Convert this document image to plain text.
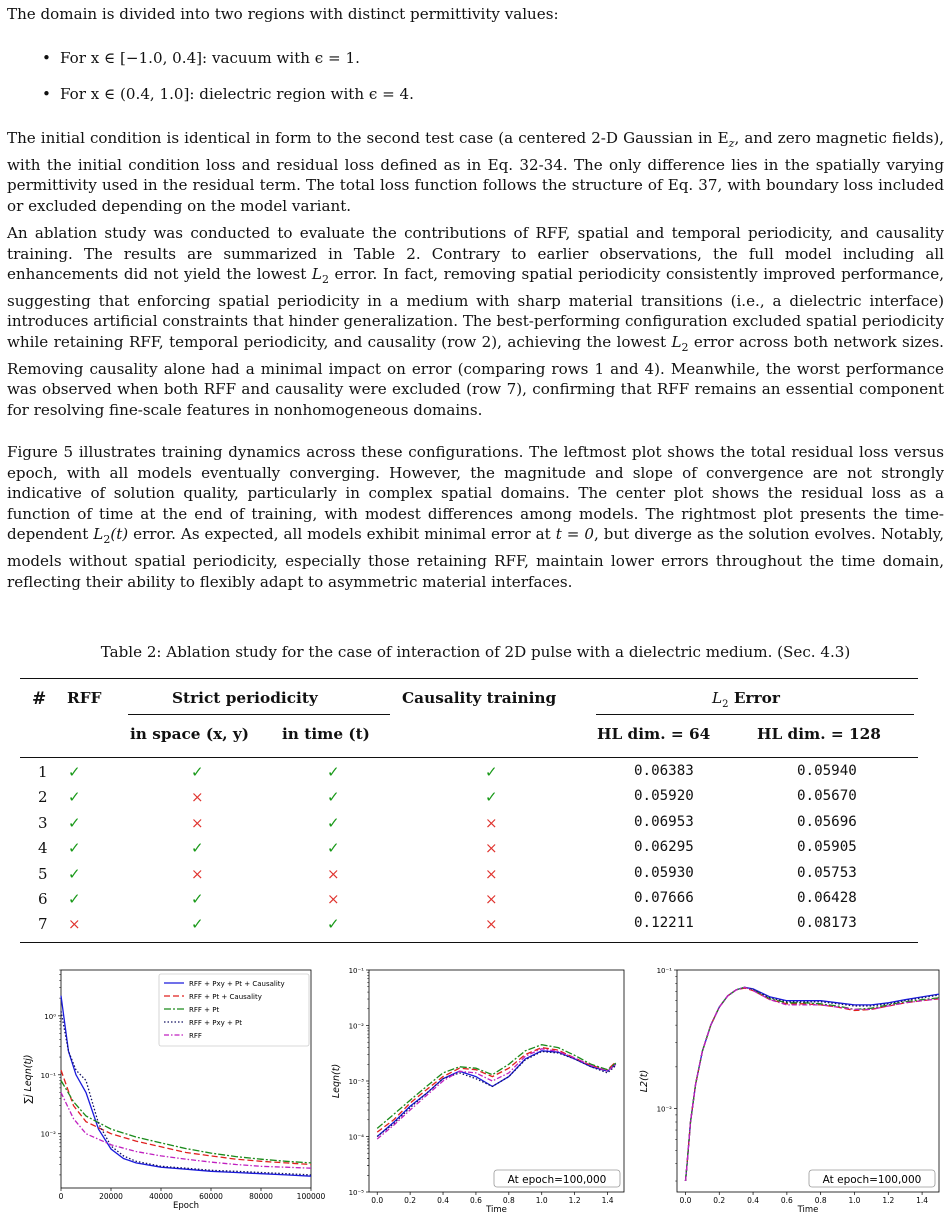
The domain is divided into two regions with distinct permittivity values:

• For x ∈ [−1.0, 0.4]: vacuum with ϵ = 1.
• For x ∈ (0.4, 1.0]: dielectric region with ϵ = 4.

The initial condition is identical in form to the second test case (a centered 2-D Gaussian in $E_z$, and zero magnetic fields), with the initial condition loss and residual loss defined as in Eq. 32-34. The only difference lies in the spatially varying permittivity used in the residual term. The total loss function follows the structure of Eq. 37, with boundary loss included or excluded depending on the model variant.

An ablation study was conducted to evaluate the contributions of RFF, spatial and temporal periodicity, and causality training. The results are summarized in Table 2. Contrary to earlier observations, the full model including all enhancements did not yield the lowest $L_2$ error. In fact, removing spatial periodicity consistently improved performance, suggesting that enforcing spatial periodicity in a medium with sharp material transitions (i.e., a dielectric interface) introduces artificial constraints that hinder generalization. The best-performing configuration excluded spatial periodicity while retaining RFF, temporal periodicity, and causality (row 2), achieving the lowest $L_2$ error across both network sizes. Removing causality alone had a minimal impact on error (comparing rows 1 and 4). Meanwhile, the worst performance was observed when both RFF and causality were excluded (row 7), confirming that RFF remains an essential component for resolving fine-scale features in nonhomogeneous domains.

Figure 5 illustrates training dynamics across these configurations. The leftmost plot shows the total residual loss versus epoch, with all models eventually converging. However, the magnitude and slope of convergence are not strongly indicative of solution quality, particularly in complex spatial domains. The center plot shows the residual loss as a function of time at the end of training, with modest differences among models. The rightmost plot presents the time-dependent $L_2(t)$ error. As expected, all models exhibit minimal error at t = 0, but diverge as the solution evolves. Notably, models without spatial periodicity, especially those retaining RFF, maintain lower errors throughout the time domain, reflecting their ability to flexibly adapt to asymmetric material interfaces.

Table 2: Ablation study for the case of interaction of 2D pulse with a dielectric medium. (Sec. 4.3)
# RFF	Strict periodicity	Causality training	$L_2$ Error
in space (x, y) in time (t)	HL dim. = 64	HL dim. = 128
1 ✓	✓	✓	✓	0.06383	0.05940
2 ✓	×	✓	✓	0.05920	0.05670
3 ✓	×	✓	×	0.06953	0.05696
4 ✓	✓	✓	×	0.06295	0.05905
5 ✓	×	×	×	0.05930	0.05753
6 ✓	✓	×	×	0.07666	0.06428
7 ×	✓	✓	×	0.12211	0.08173
0	20000	40000	60000	80000	100000
Epoch
10⁰
10⁻¹
10⁻²
∑j Leqn(tj)
RFF + Pxy + Pt + Causality
RFF + Pt + Causality
RFF + Pt
RFF + Pxy + Pt
RFF
0.0	0.2	0.4	0.6	0.8	1.0	1.2	1.4
Time
10⁻¹
10⁻²
10⁻³
10⁻⁴
10⁻⁵
Leqn(t)
At epoch=100,000
0.0	0.2	0.4	0.6	0.8	1.0	1.2	1.4
Time
10⁻¹
10⁻²
L2(t)
At epoch=100,000
